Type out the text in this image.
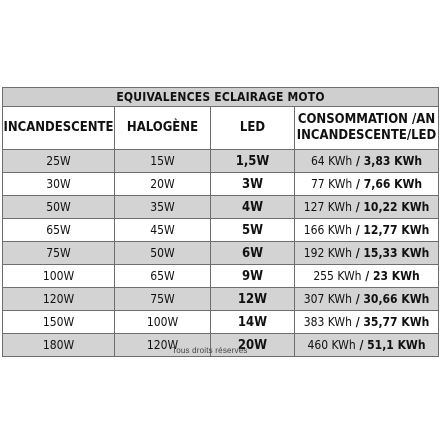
EQUIVALENCES ECLAIRAGE MOTO			
INCANDESCENTE	HALOGÈNE	LED	CONSOMMATION /AN
INCANDESCENTE/LED
25W	15W	1,5W	64 KWh / 3,83 KWh
30W	20W	3W	77 KWh / 7,66 KWh
50W	35W	4W	127 KWh / 10,22 KWh
65W	45W	5W	166 KWh / 12,77 KWh
75W	50W	6W	192 KWh / 15,33 KWh
100W	65W	9W	255 KWh / 23 KWh
120W	75W	12W	307 KWh / 30,66 KWh
150W	100W	14W	383 KWh / 35,77 KWh
180W	120W	20W	460 KWh / 51,1 KWh
Tous droits réservés
